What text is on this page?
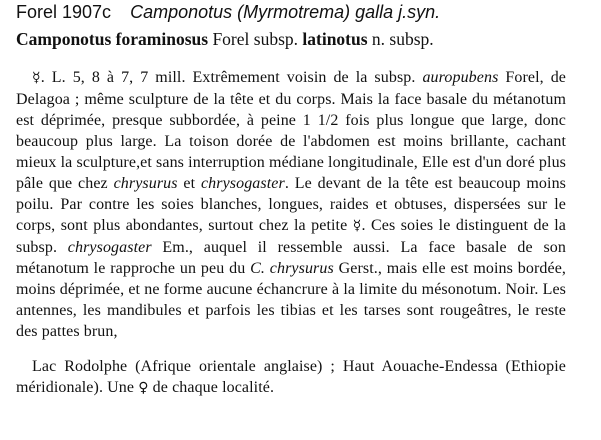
Forel 1907c Camponotus (Myrmotrema) galla j.syn.
Camponotus foraminosus Forel subsp. latinotus n. subsp.

☿. L. 5, 8 à 7, 7 mill. Extrêmement voisin de la subsp. auropubens Forel, de Delagoa ; même sculpture de la tête et du corps. Mais la face basale du métanotum est déprimée, presque subbordée, à peine 1 1/2 fois plus longue que large, donc beaucoup plus large. La toison dorée de l'abdomen est moins brillante, cachant mieux la sculpture,et sans interruption médiane longitudinale, Elle est d'un doré plus pâle que chez chrysurus et chrysogaster. Le devant de la tête est beaucoup moins poilu. Par contre les soies blanches, longues, raides et obtuses, dispersées sur le corps, sont plus abondantes, surtout chez la petite ☿. Ces soies le distinguent de la subsp. chrysogaster Em., auquel il ressemble aussi. La face basale de son métanotum le rapproche un peu du C. chrysurus Gerst., mais elle est moins bordée, moins déprimée, et ne forme aucune échancrure à la limite du mésonotum. Noir. Les antennes, les mandibules et parfois les tibias et les tarses sont rougeâtres, le reste des pattes brun,

Lac Rodolphe (Afrique orientale anglaise) ; Haut Aouache-Endessa (Ethiopie méridionale). Une ♀ de chaque localité.
